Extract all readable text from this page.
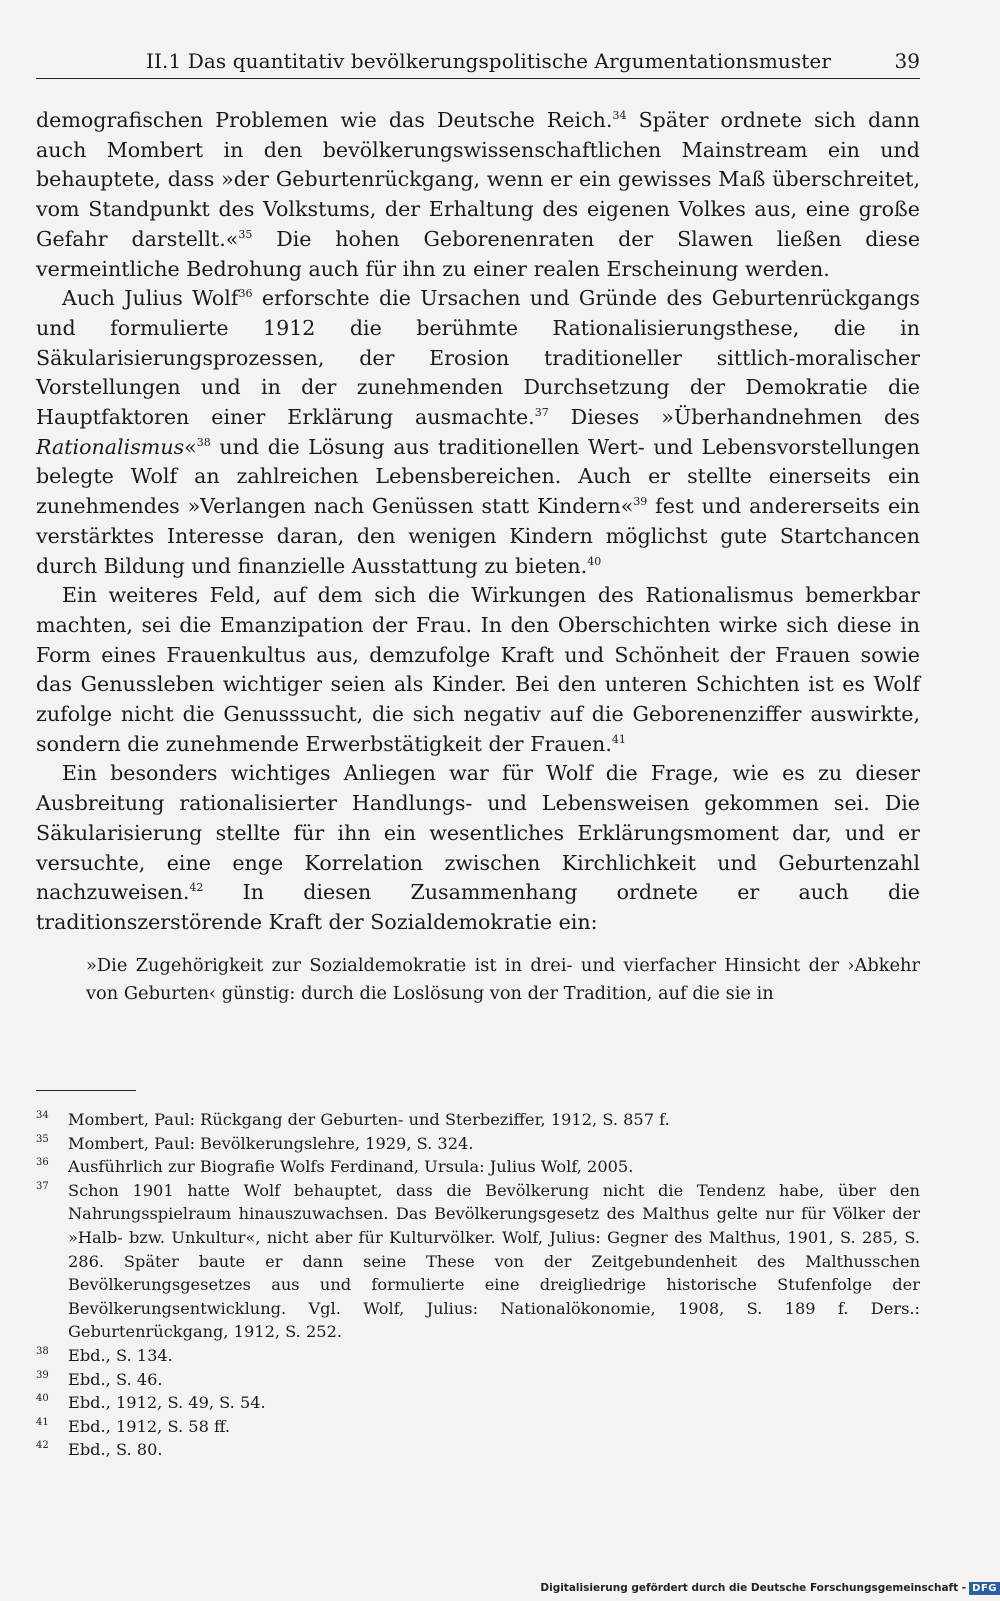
II.1 Das quantitativ bevölkerungspolitische Argumentationsmuster	39

demografischen Problemen wie das Deutsche Reich.$^{34}$ Später ordnete sich dann auch Mombert in den bevölkerungswissenschaftlichen Mainstream ein und behauptete, dass »der Geburtenrückgang, wenn er ein gewisses Maß überschreitet, vom Standpunkt des Volkstums, der Erhaltung des eigenen Volkes aus, eine große Gefahr darstellt.«$^{35}$ Die hohen Geborenenraten der Slawen ließen diese vermeintliche Bedrohung auch für ihn zu einer realen Erscheinung werden.

Auch Julius Wolf$^{36}$ erforschte die Ursachen und Gründe des Geburtenrückgangs und formulierte 1912 die berühmte Rationalisierungsthese, die in Säkularisierungsprozessen, der Erosion traditioneller sittlich-moralischer Vorstellungen und in der zunehmenden Durchsetzung der Demokratie die Hauptfaktoren einer Erklärung ausmachte.$^{37}$ Dieses »Überhandnehmen des Rationalismus«$^{38}$ und die Lösung aus traditionellen Wert- und Lebensvorstellungen belegte Wolf an zahlreichen Lebensbereichen. Auch er stellte einerseits ein zunehmendes »Verlangen nach Genüssen statt Kindern«$^{39}$ fest und andererseits ein verstärktes Interesse daran, den wenigen Kindern möglichst gute Startchancen durch Bildung und finanzielle Ausstattung zu bieten.$^{40}$

Ein weiteres Feld, auf dem sich die Wirkungen des Rationalismus bemerkbar machten, sei die Emanzipation der Frau. In den Oberschichten wirke sich diese in Form eines Frauenkultus aus, demzufolge Kraft und Schönheit der Frauen sowie das Genussleben wichtiger seien als Kinder. Bei den unteren Schichten ist es Wolf zufolge nicht die Genusssucht, die sich negativ auf die Geborenenziffer auswirkte, sondern die zunehmende Erwerbstätigkeit der Frauen.$^{41}$

Ein besonders wichtiges Anliegen war für Wolf die Frage, wie es zu dieser Ausbreitung rationalisierter Handlungs- und Lebensweisen gekommen sei. Die Säkularisierung stellte für ihn ein wesentliches Erklärungsmoment dar, und er versuchte, eine enge Korrelation zwischen Kirchlichkeit und Geburtenzahl nachzuweisen.$^{42}$ In diesen Zusammenhang ordnete er auch die traditionszerstörende Kraft der Sozialdemokratie ein:

»Die Zugehörigkeit zur Sozialdemokratie ist in drei- und vierfacher Hinsicht der ›Abkehr von Geburten‹ günstig: durch die Loslösung von der Tradition, auf die sie in
34	Mombert, Paul: Rückgang der Geburten- und Sterbeziffer, 1912, S. 857 f.
35	Mombert, Paul: Bevölkerungslehre, 1929, S. 324.
36	Ausführlich zur Biografie Wolfs Ferdinand, Ursula: Julius Wolf, 2005.
37	Schon 1901 hatte Wolf behauptet, dass die Bevölkerung nicht die Tendenz habe, über den Nahrungsspielraum hinauszuwachsen. Das Bevölkerungsgesetz des Malthus gelte nur für Völker der »Halb- bzw. Unkultur«, nicht aber für Kulturvölker. Wolf, Julius: Gegner des Malthus, 1901, S. 285, S. 286. Später baute er dann seine These von der Zeitgebundenheit des Malthusschen Bevölkerungsgesetzes aus und formulierte eine dreigliedrige historische Stufenfolge der Bevölkerungsentwicklung. Vgl. Wolf, Julius: Nationalökonomie, 1908, S. 189 f. Ders.: Geburtenrückgang, 1912, S. 252.
38	Ebd., S. 134.
39	Ebd., S. 46.
40	Ebd., 1912, S. 49, S. 54.
41	Ebd., 1912, S. 58 ff.
42	Ebd., S. 80.
Digitalisierung gefördert durch die Deutsche Forschungsgemeinschaft - DFG
